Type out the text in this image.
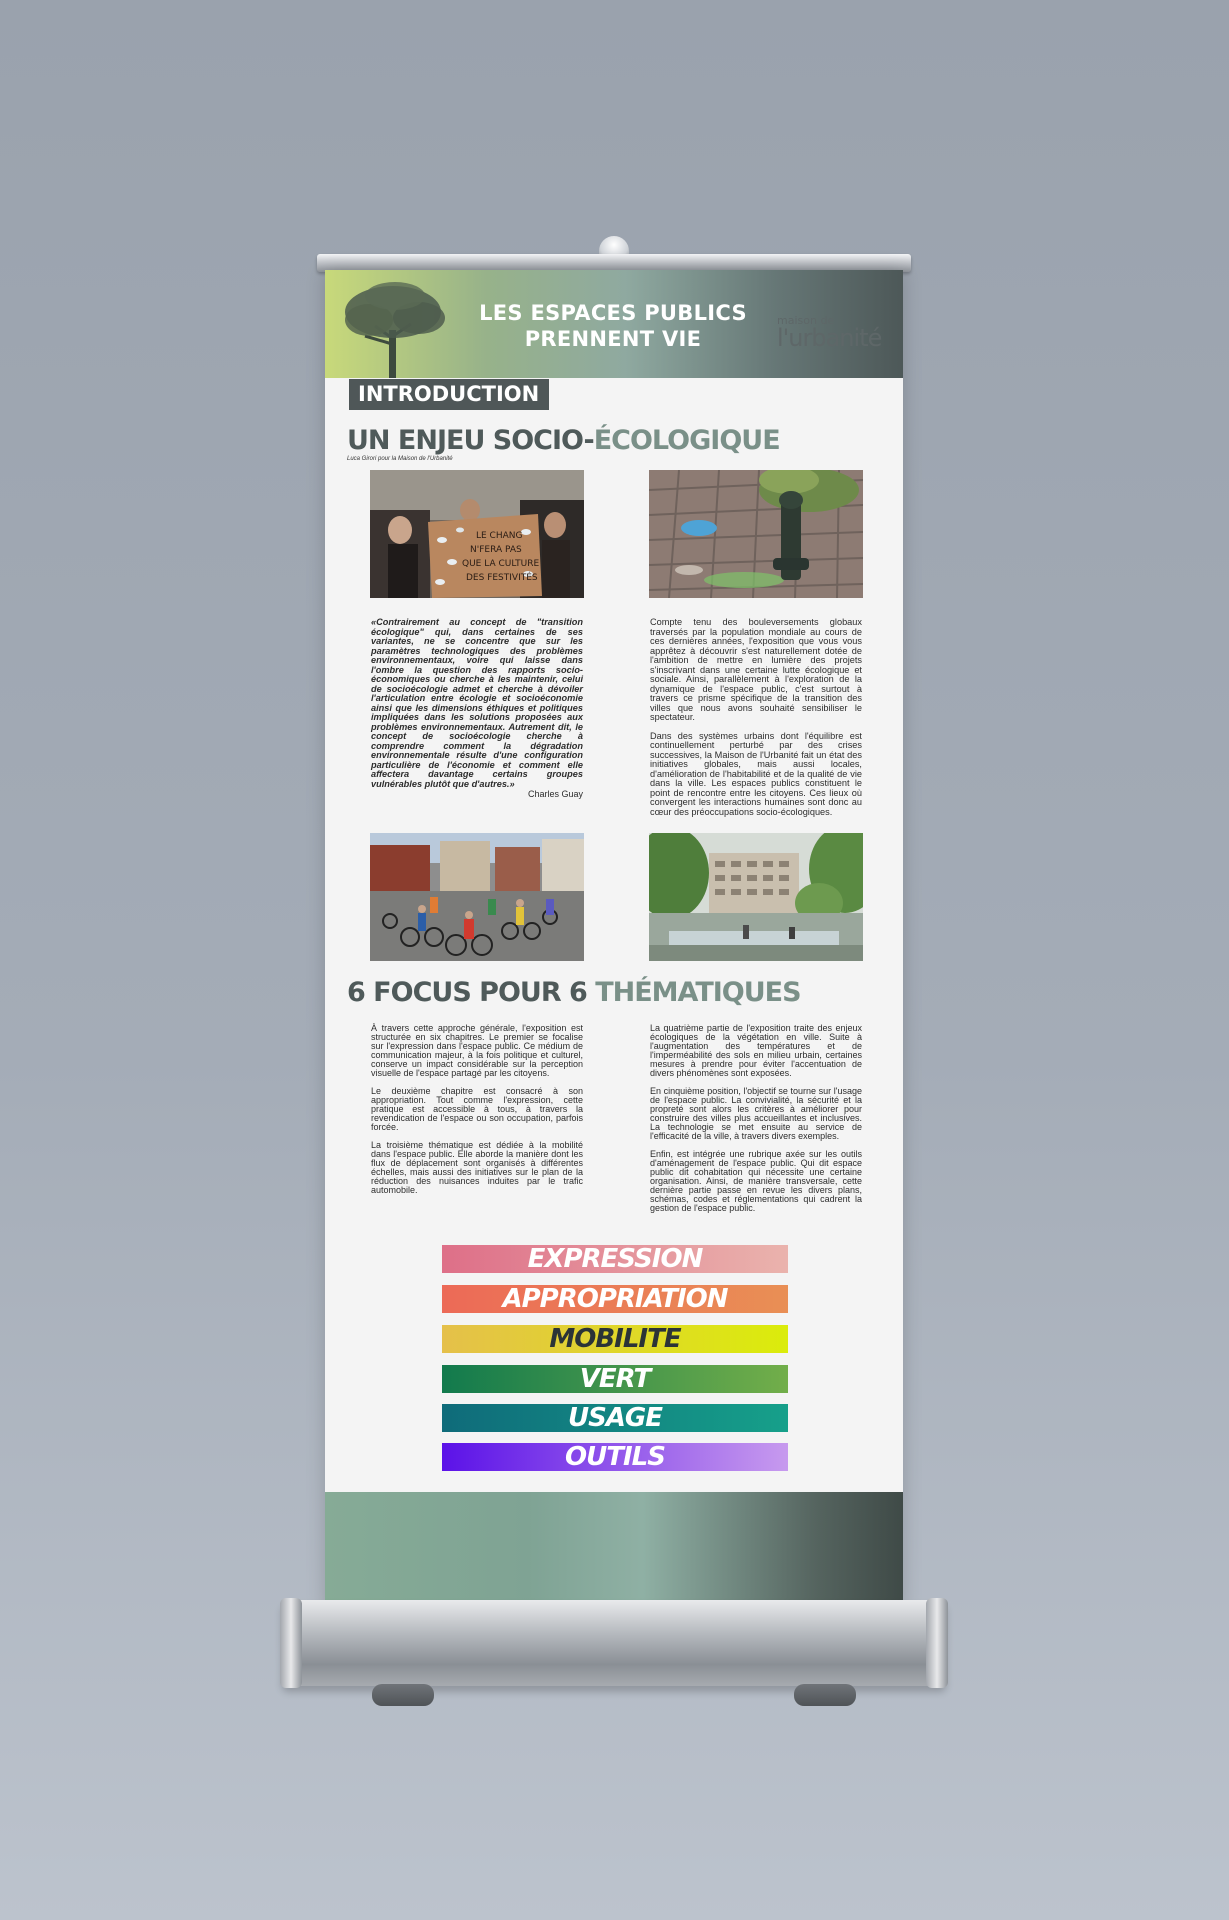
LES ESPACES PUBLICS
PRENNENT VIE
maison de
l'urbanité
INTRODUCTION
UN ENJEU SOCIO-ÉCOLOGIQUE
Luca Girori pour la Maison de l'Urbanité
LE CHANG
N'FERA PAS
QUE LA CULTURE
DES FESTIVITÉS

«Contrairement au concept de "transition écologique" qui, dans certaines de ses variantes, ne se concentre que sur les paramètres technologiques des problèmes environnementaux, voire qui laisse dans l'ombre la question des rapports socio-économiques ou cherche à les maintenir, celui de socioécologie admet et cherche à dévoiler l'articulation entre écologie et socioéconomie ainsi que les dimensions éthiques et politiques impliquées dans les solutions proposées aux problèmes environnementaux. Autrement dit, le concept de socioécologie cherche à comprendre comment la dégradation environnementale résulte d'une configuration particulière de l'économie et comment elle affectera davantage certains groupes vulnérables plutôt que d'autres.»

Charles Guay

Compte tenu des bouleversements globaux traversés par la population mondiale au cours de ces dernières années, l'exposition que vous vous apprêtez à découvrir s'est naturellement dotée de l'ambition de mettre en lumière des projets s'inscrivant dans une certaine lutte écologique et sociale. Ainsi, parallèlement à l'exploration de la dynamique de l'espace public, c'est surtout à travers ce prisme spécifique de la transition des villes que nous avons souhaité sensibiliser le spectateur.

Dans des systèmes urbains dont l'équilibre est continuellement perturbé par des crises successives, la Maison de l'Urbanité fait un état des initiatives globales, mais aussi locales, d'amélioration de l'habitabilité et de la qualité de vie dans la ville. Les espaces publics constituent le point de rencontre entre les citoyens. Ces lieux où convergent les interactions humaines sont donc au cœur des préoccupations socio-écologiques.

6 FOCUS POUR 6 THÉMATIQUES

À travers cette approche générale, l'exposition est structurée en six chapitres. Le premier se focalise sur l'expression dans l'espace public. Ce médium de communication majeur, à la fois politique et culturel, conserve un impact considérable sur la perception visuelle de l'espace partagé par les citoyens.

Le deuxième chapitre est consacré à son appropriation. Tout comme l'expression, cette pratique est accessible à tous, à travers la revendication de l'espace ou son occupation, parfois forcée.

La troisième thématique est dédiée à la mobilité dans l'espace public. Elle aborde la manière dont les flux de déplacement sont organisés à différentes échelles, mais aussi des initiatives sur le plan de la réduction des nuisances induites par le trafic automobile.

La quatrième partie de l'exposition traite des enjeux écologiques de la végétation en ville. Suite à l'augmentation des températures et de l'imperméabilité des sols en milieu urbain, certaines mesures à prendre pour éviter l'accentuation de divers phénomènes sont exposées.

En cinquième position, l'objectif se tourne sur l'usage de l'espace public. La convivialité, la sécurité et la propreté sont alors les critères à améliorer pour construire des villes plus accueillantes et inclusives. La technologie se met ensuite au service de l'efficacité de la ville, à travers divers exemples.

Enfin, est intégrée une rubrique axée sur les outils d'aménagement de l'espace public. Qui dit espace public dit cohabitation qui nécessite une certaine organisation. Ainsi, de manière transversale, cette dernière partie passe en revue les divers plans, schémas, codes et réglementations qui cadrent la gestion de l'espace public.

EXPRESSION
APPROPRIATION
MOBILITE
VERT
USAGE
OUTILS
